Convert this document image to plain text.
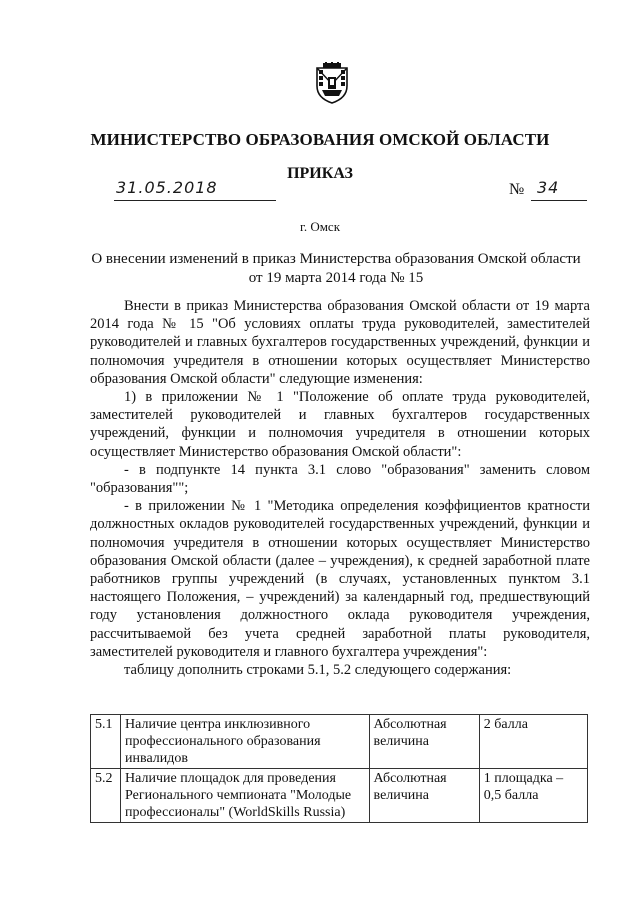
МИНИСТЕРСТВО ОБРАЗОВАНИЯ ОМСКОЙ ОБЛАСТИ
ПРИКАЗ
31.05.2018	№ 34
г. Омск
О внесении изменений в приказ Министерства образования Омской области
от 19 марта 2014 года № 15

Внести в приказ Министерства образования Омской области от 19 марта 2014 года № 15 "Об условиях оплаты труда руководителей, заместителей руководителей и главных бухгалтеров государственных учреждений, функции и полномочия учредителя в отношении которых осуществляет Министерство образования Омской области" следующие изменения:

1) в приложении № 1 "Положение об оплате труда руководителей, заместителей руководителей и главных бухгалтеров государственных учреждений, функции и полномочия учредителя в отношении которых осуществляет Министерство образования Омской области":

- в подпункте 14 пункта 3.1 слово "образования" заменить словом "образования"";

- в приложении № 1 "Методика определения коэффициентов кратности должностных окладов руководителей государственных учреждений, функции и полномочия учредителя в отношении которых осуществляет Министерство образования Омской области (далее – учреждения), к средней заработной плате работников группы учреждений (в случаях, установленных пунктом 3.1 настоящего Положения, – учреждений) за календарный год, предшествующий году установления должностного оклада руководителя учреждения, рассчитываемой без учета средней заработной платы руководителя, заместителей руководителя и главного бухгалтера учреждения":

таблицу дополнить строками 5.1, 5.2 следующего содержания:

5.1	Наличие центра инклюзивного профессионального образования инвалидов	Абсолютная величина	2 балла
5.2	Наличие площадок для проведения Регионального чемпионата "Молодые профессионалы" (WorldSkills Russia)	Абсолютная величина	1 площадка – 0,5 балла
